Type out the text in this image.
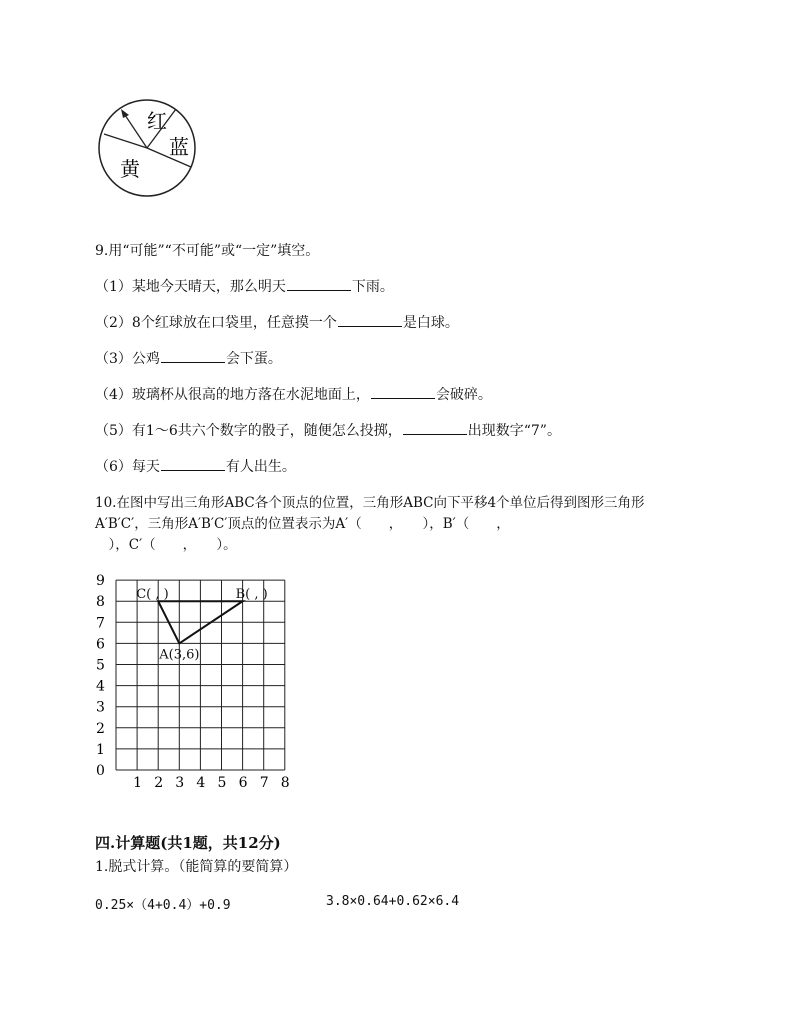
红
蓝
黄
9.用“可能”“不可能”或“一定”填空。
（1）某地今天晴天，那么明天	下雨。
（2）8个红球放在口袋里，任意摸一个	是白球。
（3）公鸡	会下蛋。
（4）玻璃杯从很高的地方落在水泥地面上，	会破碎。
（5）有1～6共六个数字的骰子，随便怎么投掷，	出现数字“7”。
（6）每天	有人出生。
10.在图中写出三角形ABC各个顶点的位置，三角形ABC向下平移4个单位后得到图形三角形
A′B′C′，三角形A′B′C′顶点的位置表示为A′（　　，　　），B′（　　，
　），C′（　　，　　）。
1 2 3 4 5 6 7 8
0
1
2
3
4
5
6
7
8
9
A(3,6)
B( , )
C( , )
四.计算题(共1题，共12分)
1.脱式计算。（能简算的要简算）
0.25×（4+0.4）+0.9	3.8×0.64+0.62×6.4
